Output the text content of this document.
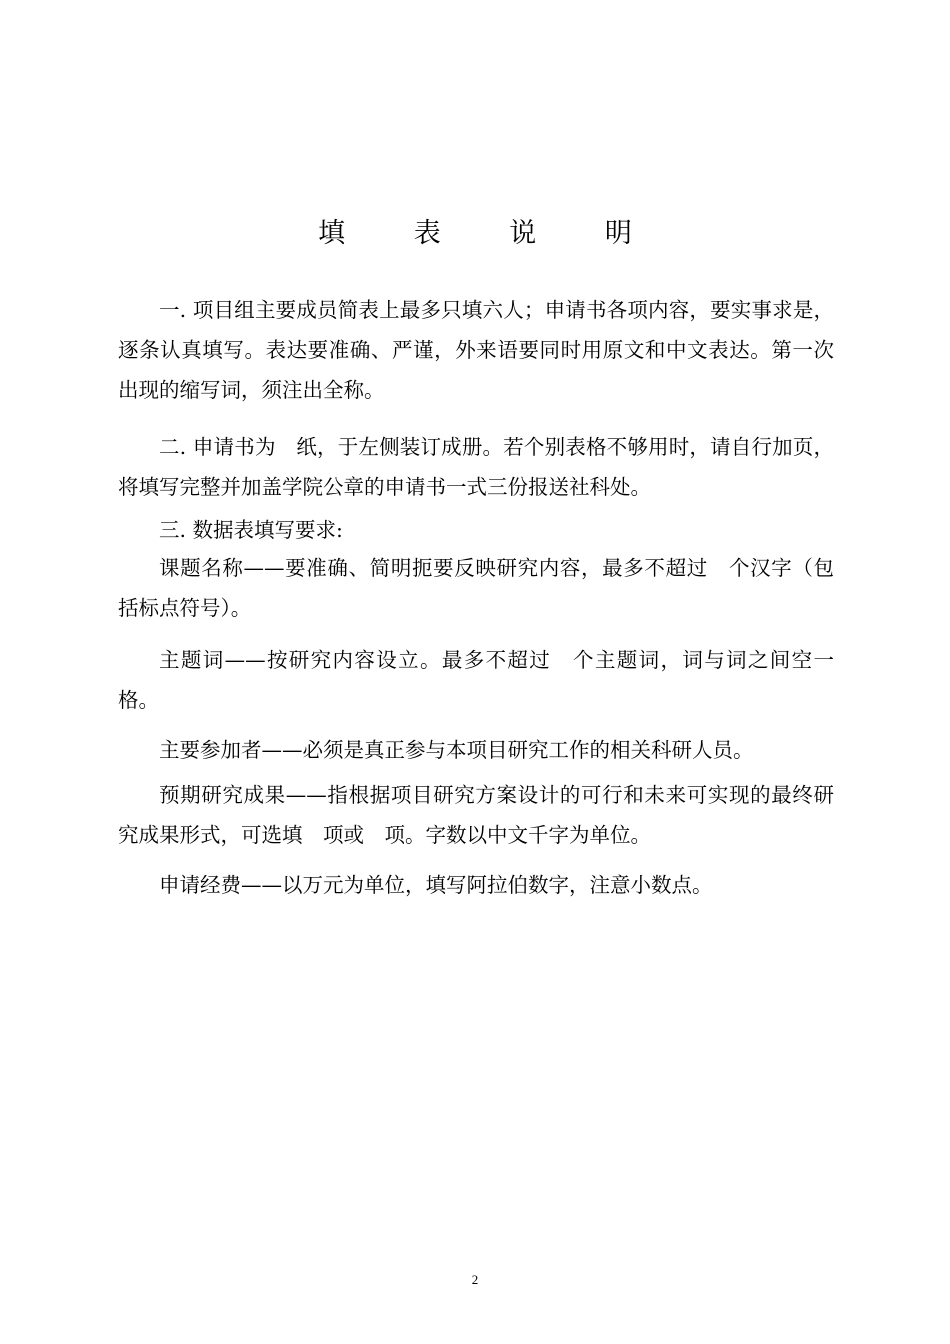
填 表 说 明

一. 项目组主要成员简表上最多只填六人；申请书各项内容，要实事求是，逐条认真填写。表达要准确、严谨，外来语要同时用原文和中文表达。第一次出现的缩写词，须注出全称。

二. 申请书为　纸，于左侧装订成册。若个别表格不够用时，请自行加页，将填写完整并加盖学院公章的申请书一式三份报送社科处。

三. 数据表填写要求:

课题名称——要准确、简明扼要反映研究内容，最多不超过　个汉字（包括标点符号）。

主题词——按研究内容设立。最多不超过　个主题词，词与词之间空一格。

主要参加者——必须是真正参与本项目研究工作的相关科研人员。

预期研究成果——指根据项目研究方案设计的可行和未来可实现的最终研究成果形式，可选填　项或　项。字数以中文千字为单位。

申请经费——以万元为单位，填写阿拉伯数字，注意小数点。

2
